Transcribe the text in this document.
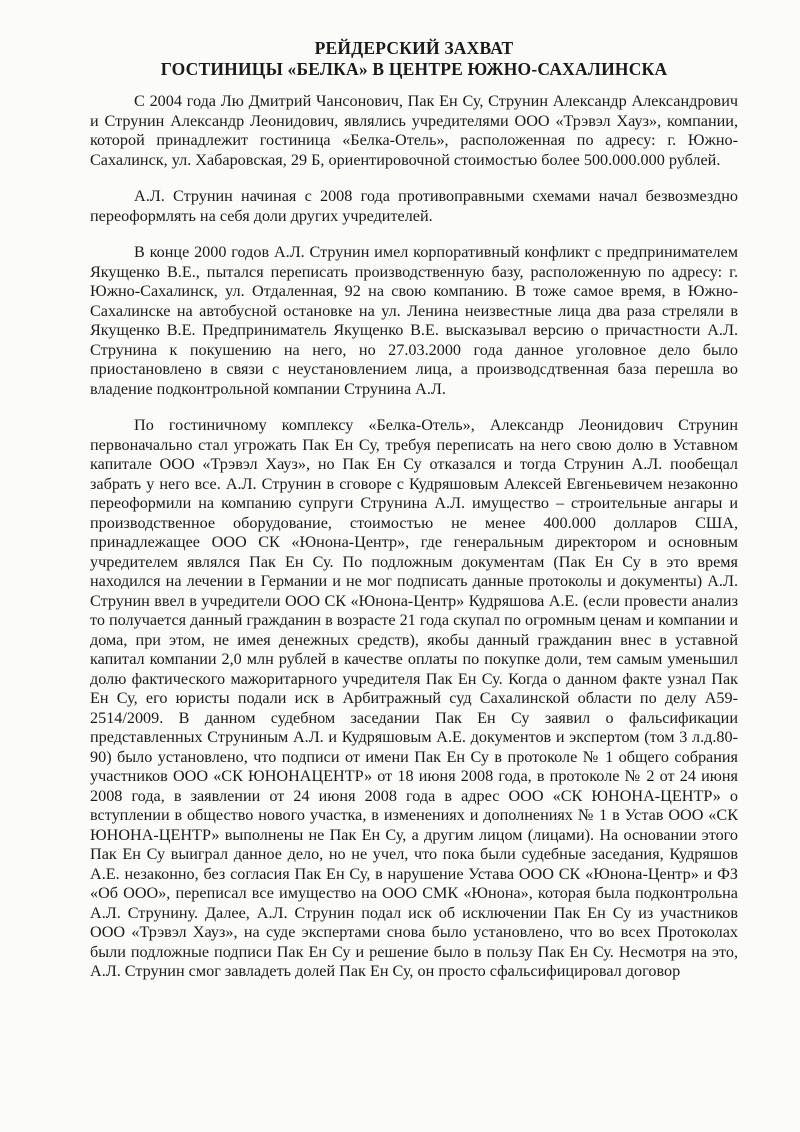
РЕЙДЕРСКИЙ ЗАХВАТ
ГОСТИНИЦЫ «БЕЛКА» В ЦЕНТРЕ ЮЖНО-САХАЛИНСКА

С 2004 года Лю Дмитрий Чансонович, Пак Ен Су, Струнин Александр Александрович и Струнин Александр Леонидович, являлись учредителями ООО «Трэвэл Хауз», компании, которой принадлежит гостиница «Белка-Отель», расположенная по адресу: г. Южно-Сахалинск, ул. Хабаровская, 29 Б, ориентировочной стоимостью более 500.000.000 рублей.

А.Л. Струнин начиная с 2008 года противоправными схемами начал безвозмездно переоформлять на себя доли других учредителей.

В конце 2000 годов А.Л. Струнин имел корпоративный конфликт с предпринимателем Якущенко В.Е., пытался переписать производственную базу, расположенную по адресу: г. Южно-Сахалинск, ул. Отдаленная, 92 на свою компанию. В тоже самое время, в Южно-Сахалинске на автобусной остановке на ул. Ленина неизвестные лица два раза стреляли в Якущенко В.Е. Предприниматель Якущенко В.Е. высказывал версию о причастности А.Л. Струнина к покушению на него, но 27.03.2000 года данное уголовное дело было приостановлено в связи с неустановлением лица, а производсдтвенная база перешла во владение подконтрольной компании Струнина А.Л.

По гостиничному комплексу «Белка-Отель», Александр Леонидович Струнин первоначально стал угрожать Пак Ен Су, требуя переписать на него свою долю в Уставном капитале ООО «Трэвэл Хауз», но Пак Ен Су отказался и тогда Струнин А.Л. пообещал забрать у него все. А.Л. Струнин в сговоре с Кудряшовым Алексей Евгеньевичем незаконно переоформили на компанию супруги Струнина А.Л. имущество – строительные ангары и производственное оборудование, стоимостью не менее 400.000 долларов США, принадлежащее ООО СК «Юнона-Центр», где генеральным директором и основным учредителем являлся Пак Ен Су. По подложным документам (Пак Ен Су в это время находился на лечении в Германии и не мог подписать данные протоколы и документы) А.Л. Струнин ввел в учредители ООО СК «Юнона-Центр» Кудряшова А.Е. (если провести анализ то получается данный гражданин в возрасте 21 года скупал по огромным ценам и компании и дома, при этом, не имея денежных средств), якобы данный гражданин внес в уставной капитал компании 2,0 млн рублей в качестве оплаты по покупке доли, тем самым уменьшил долю фактического мажоритарного учредителя Пак Ен Су. Когда о данном факте узнал Пак Ен Су, его юристы подали иск в Арбитражный суд Сахалинской области по делу А59-2514/2009. В данном судебном заседании Пак Ен Су заявил о фальсификации представленных Струниным А.Л. и Кудряшовым А.Е. документов и экспертом (том 3 л.д.80-90) было установлено, что подписи от имени Пак Ен Су в протоколе № 1 общего собрания участников ООО «СК ЮНОНАЦЕНТР» от 18 июня 2008 года, в протоколе № 2 от 24 июня 2008 года, в заявлении от 24 июня 2008 года в адрес ООО «СК ЮНОНА-ЦЕНТР» о вступлении в общество нового участка, в изменениях и дополнениях № 1 в Устав ООО «СК ЮНОНА-ЦЕНТР» выполнены не Пак Ен Су, а другим лицом (лицами). На основании этого Пак Ен Су выиграл данное дело, но не учел, что пока были судебные заседания, Кудряшов А.Е. незаконно, без согласия Пак Ен Су, в нарушение Устава ООО СК «Юнона-Центр» и ФЗ «Об ООО», переписал все имущество на ООО СМК «Юнона», которая была подконтрольна А.Л. Струнину. Далее, А.Л. Струнин подал иск об исключении Пак Ен Су из участников ООО «Трэвэл Хауз», на суде экспертами снова было установлено, что во всех Протоколах были подложные подписи Пак Ен Су и решение было в пользу Пак Ен Су. Несмотря на это, А.Л. Струнин смог завладеть долей Пак Ен Су, он просто сфальсифицировал договор
